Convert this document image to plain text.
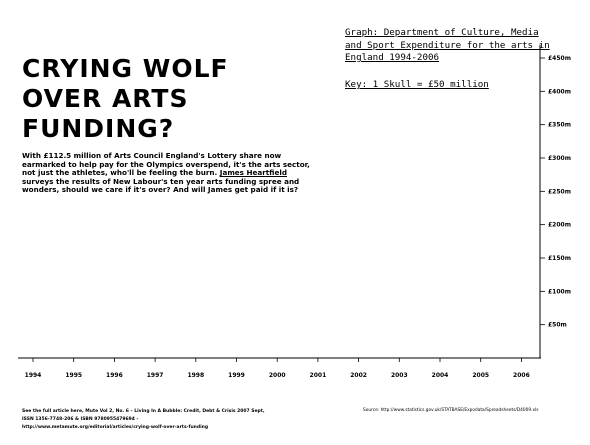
CRYING WOLF
OVER ARTS
FUNDING?

With £112.5 million of Arts Council England's Lottery share now earmarked to help pay for the Olympics overspend, it's the arts sector, not just the athletes, who'll be feeling the burn. James Heartfield surveys the results of New Labour's ten year arts funding spree and wonders, should we care if it's over? And will James get paid if it is?

Graph: Department of Culture, Media and Sport Expenditure for the arts in England 1994-2006

Key: 1 Skull = £50 million

£50m
£100m
£150m
£200m
£250m
£300m
£350m
£400m
£450m
1994	1995	1996	1997	1998	1999	2000	2001	2002	2003	2004	2005	2006
See the full article here, Mute Vol 2, No. 6 – Living In A Bubble: Credit, Debt & Crisis 2007 Sept,
ISSN 1356-7748-206 & ISBN 9780955479694 -
http://www.metamute.org/editorial/articles/crying-wolf-over-arts-funding
Source: http://www.statistics.gov.uk/STATBASE/Expodata/Spreadsheets/D4009.xls
